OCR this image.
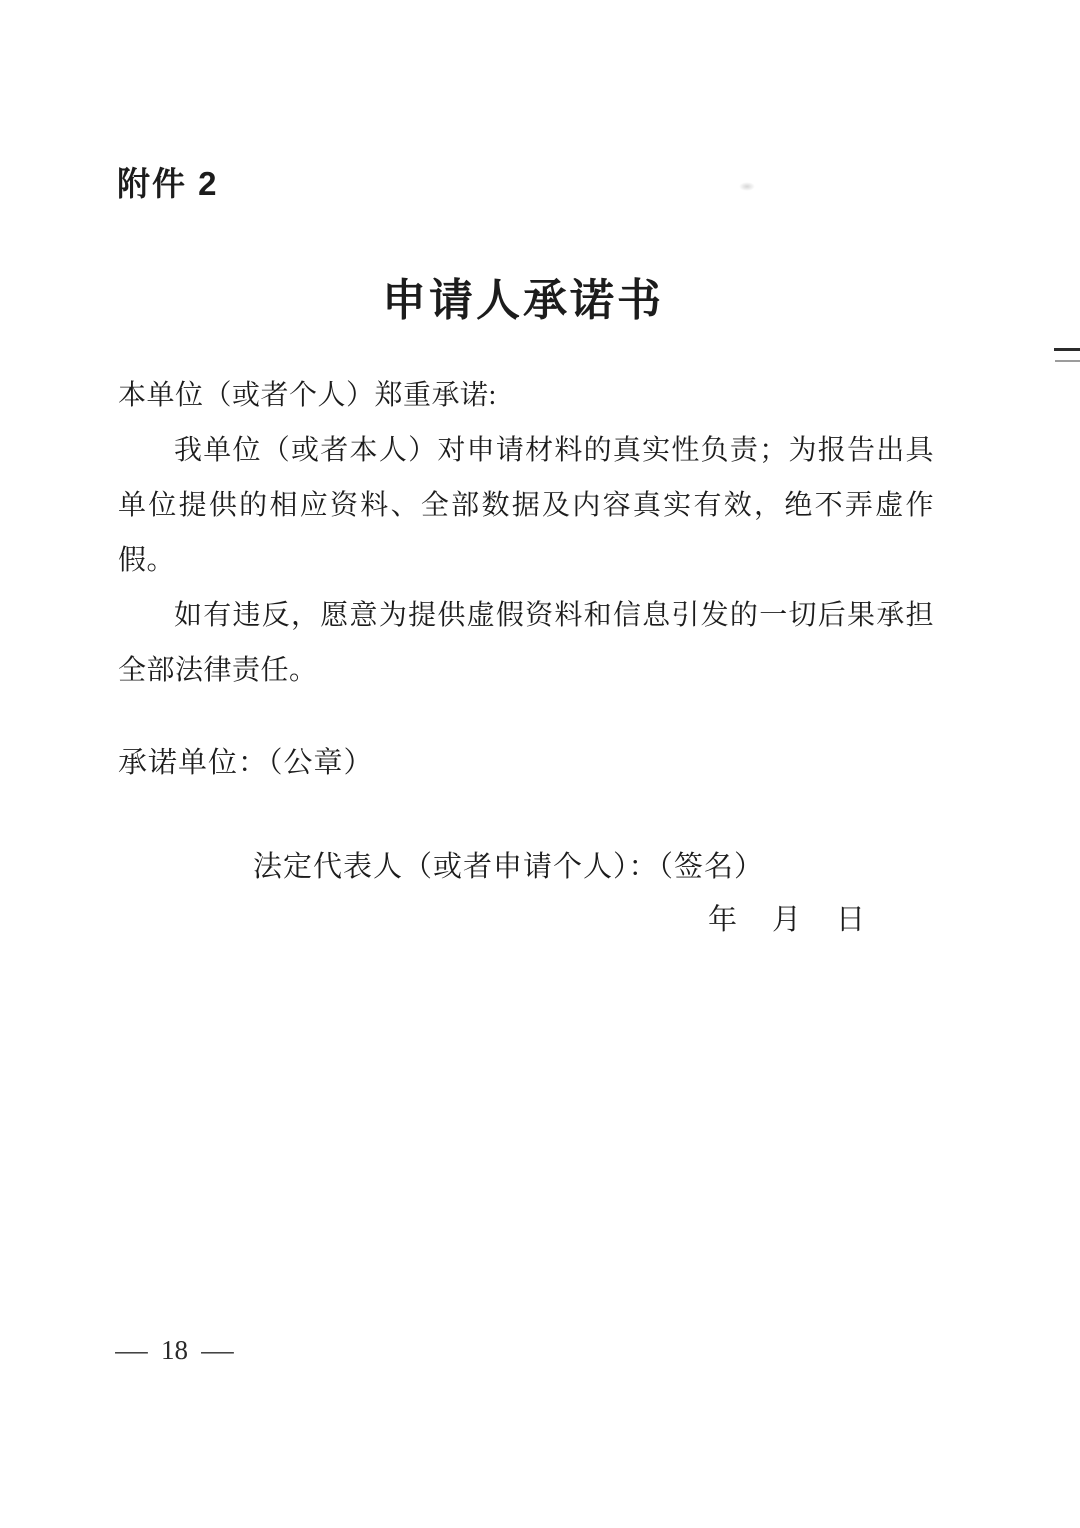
附件 2
申请人承诺书

本单位（或者个人）郑重承诺:

我单位（或者本人）对申请材料的真实性负责；为报告出具单位提供的相应资料、全部数据及内容真实有效，绝不弄虚作假。

如有违反，愿意为提供虚假资料和信息引发的一切后果承担全部法律责任。

承诺单位：（公章）
法定代表人（或者申请个人）：（签名）
年　月　日
— 18 —
